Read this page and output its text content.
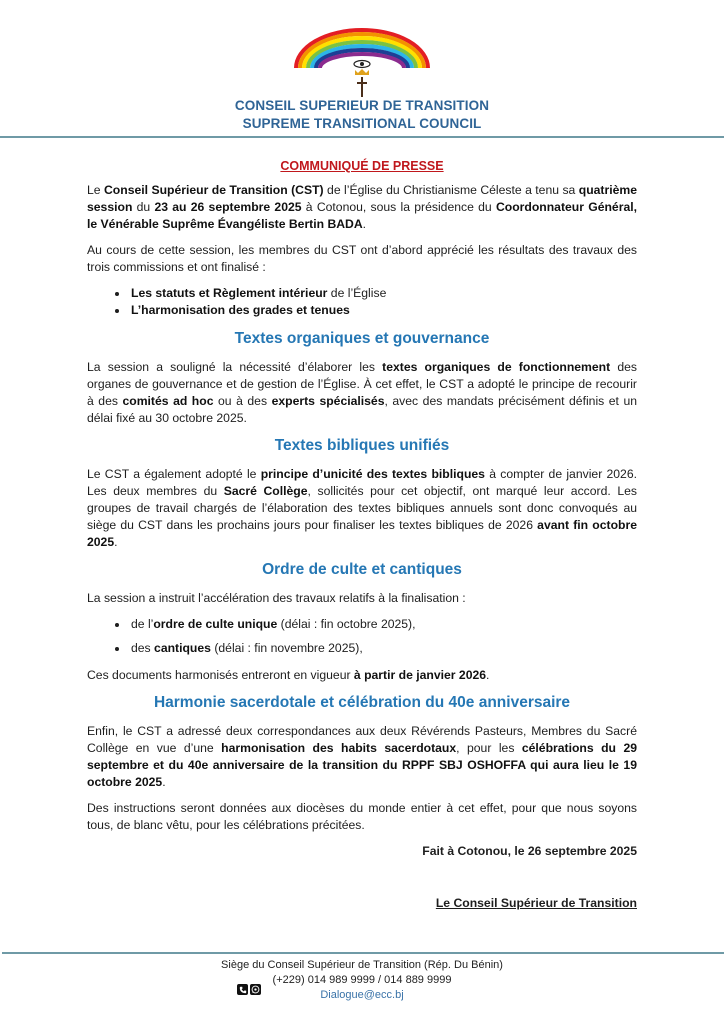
CONSEIL SUPERIEUR DE TRANSITION
SUPREME TRANSITIONAL COUNCIL
COMMUNIQUÉ DE PRESSE

Le Conseil Supérieur de Transition (CST) de l’Église du Christianisme Céleste a tenu sa quatrième session du 23 au 26 septembre 2025 à Cotonou, sous la présidence du Coordonnateur Général, le Vénérable Suprême Évangéliste Bertin BADA.

Au cours de cette session, les membres du CST ont d’abord apprécié les résultats des travaux des trois commissions et ont finalisé :

• Les statuts et Règlement intérieur de l’Église
• L’harmonisation des grades et tenues
Textes organiques et gouvernance

La session a souligné la nécessité d’élaborer les textes organiques de fonctionnement des organes de gouvernance et de gestion de l’Église. À cet effet, le CST a adopté le principe de recourir à des comités ad hoc ou à des experts spécialisés, avec des mandats précisément définis et un délai fixé au 30 octobre 2025.

Textes bibliques unifiés

Le CST a également adopté le principe d’unicité des textes bibliques à compter de janvier 2026. Les deux membres du Sacré Collège, sollicités pour cet objectif, ont marqué leur accord. Les groupes de travail chargés de l’élaboration des textes bibliques annuels sont donc convoqués au siège du CST dans les prochains jours pour finaliser les textes bibliques de 2026 avant fin octobre 2025.

Ordre de culte et cantiques

La session a instruit l’accélération des travaux relatifs à la finalisation :

• de l’ordre de culte unique (délai : fin octobre 2025),
• des cantiques (délai : fin novembre 2025),

Ces documents harmonisés entreront en vigueur à partir de janvier 2026.

Harmonie sacerdotale et célébration du 40e anniversaire

Enfin, le CST a adressé deux correspondances aux deux Révérends Pasteurs, Membres du Sacré Collège en vue d’une harmonisation des habits sacerdotaux, pour les célébrations du 29 septembre et du 40e anniversaire de la transition du RPPF SBJ OSHOFFA qui aura lieu le 19 octobre 2025.

Des instructions seront données aux diocèses du monde entier à cet effet, pour que nous soyons tous, de blanc vêtu, pour les célébrations précitées.

Fait à Cotonou, le 26 septembre 2025
Le Conseil Supérieur de Transition
Siège du Conseil Supérieur de Transition (Rép. Du Bénin)
(+229) 014 989 9999 / 014 889 9999
Dialogue@ecc.bj
